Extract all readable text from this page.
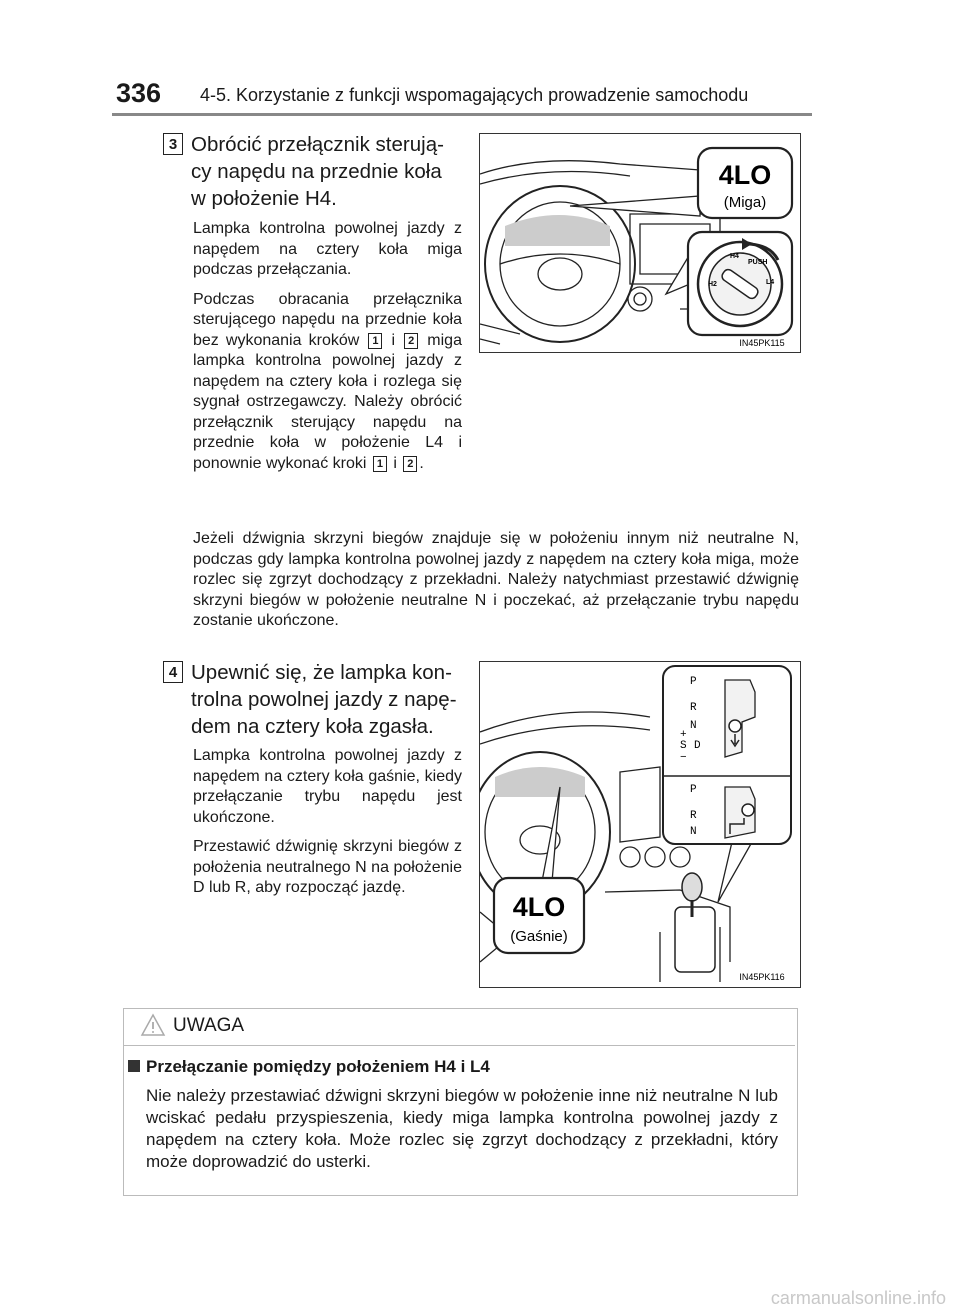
336 4-5. Korzystanie z funkcji wspomagających prowadzenie samochodu
3 Obrócić przełącznik sterują-
cy napędu na przednie koła
w położenie H4.

Lampka kontrolna powolnej jazdy z napędem na cztery koła miga podczas przełączania.

Podczas obracania przełącznika sterującego napędu na przednie koła bez wykonania kroków 1 i 2 miga lampka kontrolna powolnej jazdy z napędem na cztery koła i rozlega się sygnał ostrzegawczy. Należy obrócić przełącznik sterujący napędu na przednie koła w położenie L4 i ponownie wykonać kroki 1 i 2 .

4LO
(Miga)
H2
H4
PUSH
L4
IN45PK115
Jeżeli dźwignia skrzyni biegów znajduje się w położeniu innym niż neutralne N, podczas gdy lampka kontrolna powolnej jazdy z napędem na cztery koła miga, może rozlec się zgrzyt dochodzący z przekładni. Należy natychmiast przestawić dźwignię skrzyni biegów w położenie neutralne N i poczekać, aż przełączanie trybu napędu zostanie ukończone.
4 Upewnić się, że lampka kon-
trolna powolnej jazdy z napę-
dem na cztery koła zgasła.

Lampka kontrolna powolnej jazdy z napędem na cztery koła gaśnie, kiedy przełączanie trybu napędu jest ukończone.

Przestawić dźwignię skrzyni biegów z położenia neutralnego N na położenie D lub R, aby rozpocząć jazdę.

P
R
N
+
S D
−
P
R
N
4LO
(Gaśnie)
IN45PK116
UWAGA
Przełączanie pomiędzy położeniem H4 i L4
Nie należy przestawiać dźwigni skrzyni biegów w położenie inne niż neutralne N lub wciskać pedału przyspieszenia, kiedy miga lampka kontrolna powolnej jazdy z napędem na cztery koła. Może rozlec się zgrzyt dochodzący z przekładni, który może doprowadzić do usterki.
carmanualsonline.info
